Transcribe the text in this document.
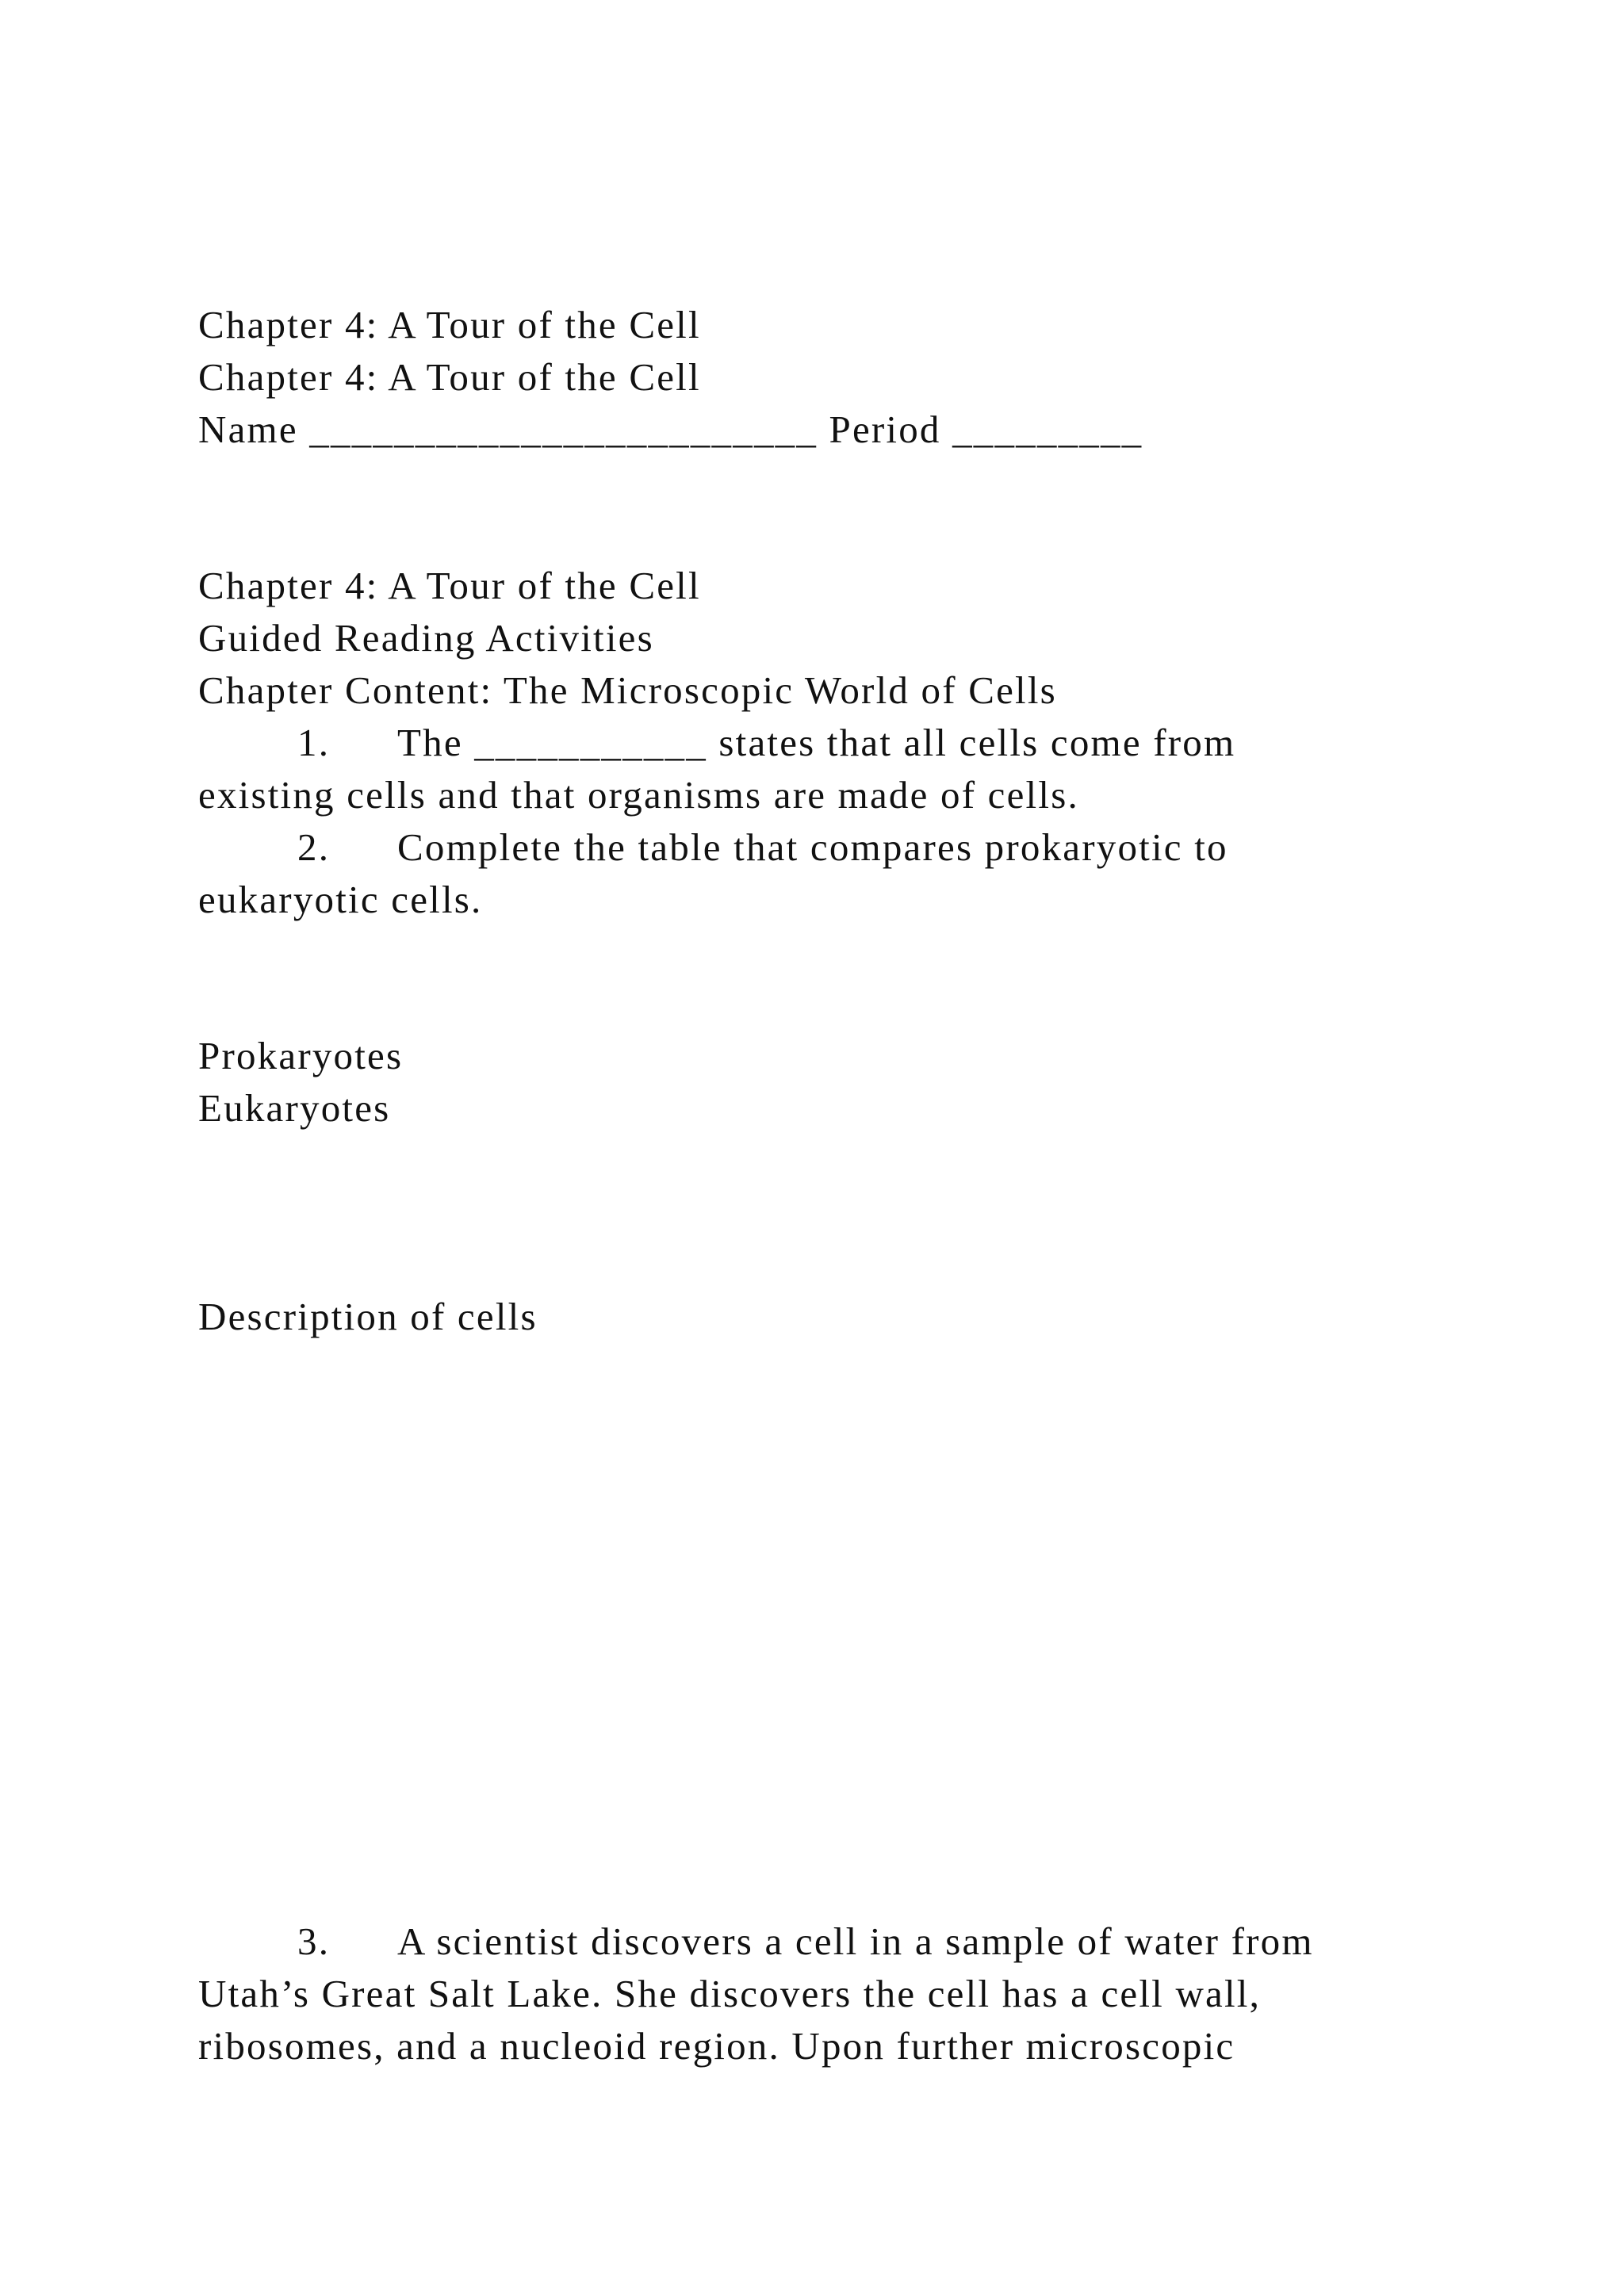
Chapter 4: A Tour of the Cell

Chapter 4: A Tour of the Cell

Name ________________________ Period _________

Chapter 4: A Tour of the Cell

Guided Reading Activities

Chapter Content: The Microscopic World of Cells

1. The ___________ states that all cells come from

existing cells and that organisms are made of cells.

2. Complete the table that compares prokaryotic to

eukaryotic cells.

Prokaryotes

Eukaryotes

Description of cells

3. A scientist discovers a cell in a sample of water from

Utah’s Great Salt Lake. She discovers the cell has a cell wall,

ribosomes, and a nucleoid region. Upon further microscopic
